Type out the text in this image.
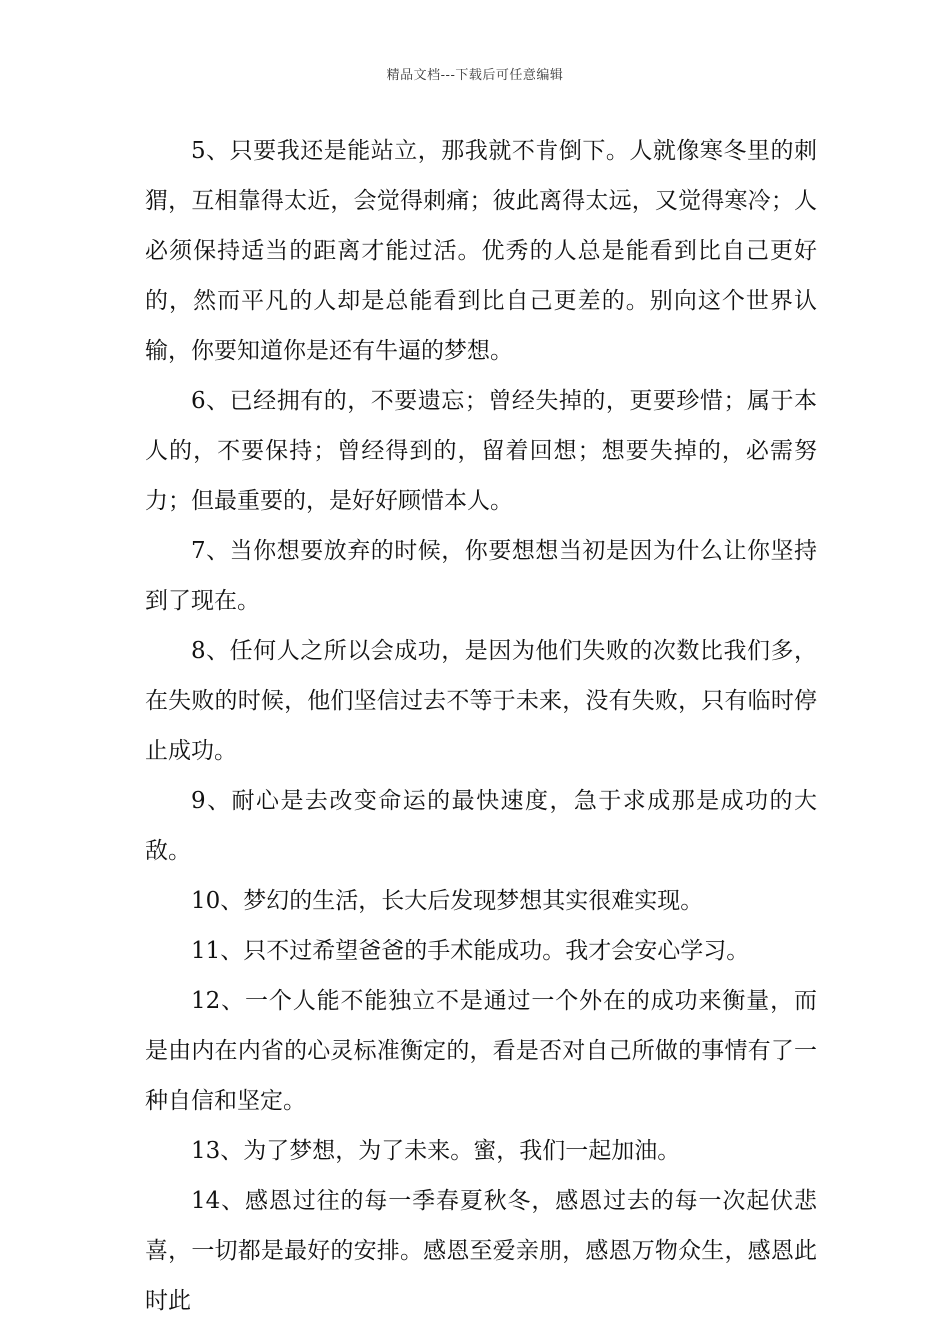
精品文档---下载后可任意编辑

5、只要我还是能站立，那我就不肯倒下。人就像寒冬里的刺猬，互相靠得太近，会觉得刺痛；彼此离得太远，又觉得寒冷；人必须保持适当的距离才能过活。优秀的人总是能看到比自己更好的，然而平凡的人却是总能看到比自己更差的。别向这个世界认输，你要知道你是还有牛逼的梦想。

6、已经拥有的，不要遗忘；曾经失掉的，更要珍惜；属于本人的，不要保持；曾经得到的，留着回想；想要失掉的，必需努力；但最重要的，是好好顾惜本人。

7、当你想要放弃的时候，你要想想当初是因为什么让你坚持到了现在。

8、任何人之所以会成功，是因为他们失败的次数比我们多，在失败的时候，他们坚信过去不等于未来，没有失败，只有临时停止成功。

9、耐心是去改变命运的最快速度，急于求成那是成功的大敌。

10、梦幻的生活，长大后发现梦想其实很难实现。

11、只不过希望爸爸的手术能成功。我才会安心学习。

12、一个人能不能独立不是通过一个外在的成功来衡量，而是由内在内省的心灵标准衡定的，看是否对自己所做的事情有了一种自信和坚定。

13、为了梦想，为了未来。蜜，我们一起加油。

14、感恩过往的每一季春夏秋冬，感恩过去的每一次起伏悲喜，一切都是最好的安排。感恩至爱亲朋，感恩万物众生，感恩此时此
